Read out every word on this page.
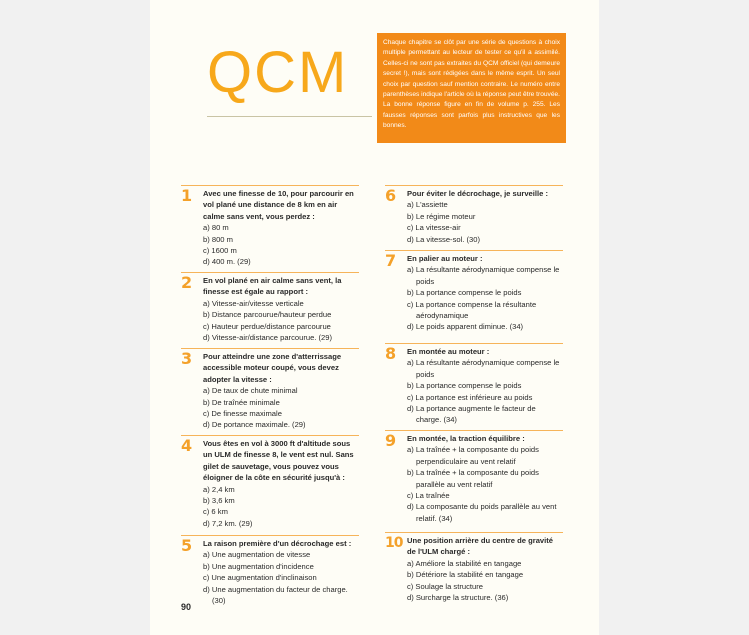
QCM	Chaque chapitre se clôt par une série de questions à choix multiple permettant au lecteur de tester ce qu'il a assimilé. Celles-ci ne sont pas extraites du QCM officiel (qui demeure secret !), mais sont rédigées dans le même esprit. Un seul choix par question sauf mention contraire. Le numéro entre parenthèses indique l'article où la réponse peut être trouvée. La bonne réponse figure en fin de volume p. 255. Les fausses réponses sont parfois plus instructives que les bonnes.
1	Avec une finesse de 10, pour parcourir en vol plané une distance de 8 km en air calme sans vent, vous perdez :
a) 80 m
b) 800 m
c) 1600 m
d) 400 m. (29)
2	En vol plané en air calme sans vent, la finesse est égale au rapport :
a) Vitesse-air/vitesse verticale
b) Distance parcourue/hauteur perdue
c) Hauteur perdue/distance parcourue
d) Vitesse-air/distance parcourue. (29)
3	Pour atteindre une zone d'atterrissage accessible moteur coupé, vous devez adopter la vitesse :
a) De taux de chute minimal
b) De traînée minimale
c) De finesse maximale
d) De portance maximale. (29)
4	Vous êtes en vol à 3000 ft d'altitude sous un ULM de finesse 8, le vent est nul. Sans gilet de sauvetage, vous pouvez vous éloigner de la côte en sécurité jusqu'à :
a) 2,4 km
b) 3,6 km
c) 6 km
d) 7,2 km. (29)
5	La raison première d'un décrochage est :
a) Une augmentation de vitesse
b) Une augmentation d'incidence
c) Une augmentation d'inclinaison
d) Une augmentation du facteur de charge. (30)
6	Pour éviter le décrochage, je surveille :
a) L'assiette
b) Le régime moteur
c) La vitesse-air
d) La vitesse-sol. (30)
7	En palier au moteur :
a) La résultante aérodynamique compense le poids
b) La portance compense le poids
c) La portance compense la résultante aérodynamique
d) Le poids apparent diminue. (34)
8	En montée au moteur :
a) La résultante aérodynamique compense le poids
b) La portance compense le poids
c) La portance est inférieure au poids
d) La portance augmente le facteur de charge. (34)
9	En montée, la traction équilibre :
a) La traînée + la composante du poids perpendiculaire au vent relatif
b) La traînée + la composante du poids parallèle au vent relatif
c) La traînée
d) La composante du poids parallèle au vent relatif. (34)
10 Une position arrière du centre de gravité de l'ULM chargé :
a) Améliore la stabilité en tangage
b) Détériore la stabilité en tangage
c) Soulage la structure
d) Surcharge la structure. (36)
90
